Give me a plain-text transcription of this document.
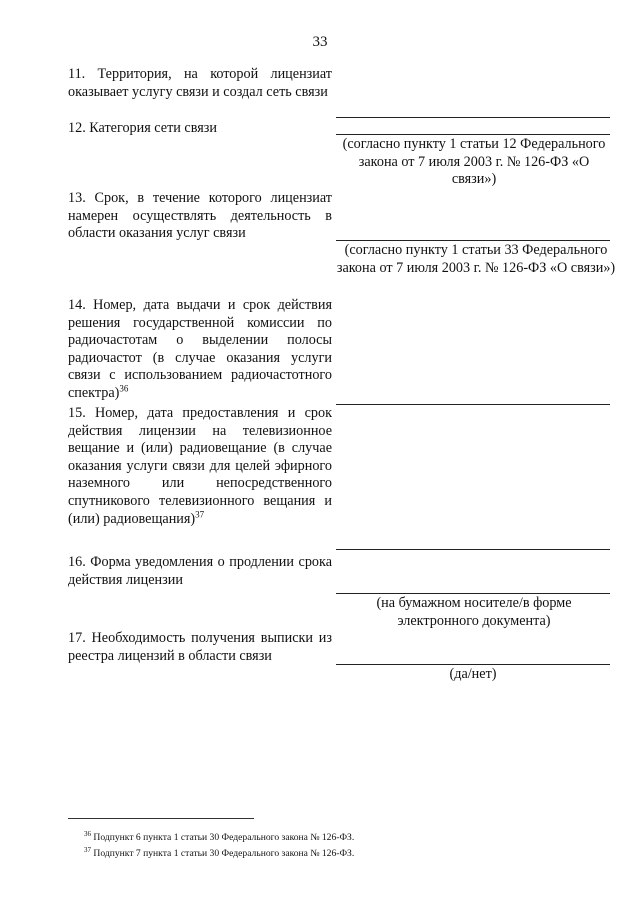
33
11. Территория, на которой лицензиат оказывает услугу связи и создал сеть связи
12. Категория сети связи
(согласно пункту 1 статьи 12 Федерального закона от 7 июля 2003 г. № 126-ФЗ «О связи»)
13. Срок, в течение которого лицензиат намерен осуществлять деятельность в области оказания услуг связи
(согласно пункту 1 статьи 33 Федерального закона от 7 июля 2003 г. № 126-ФЗ «О связи»)
14. Номер, дата выдачи и срок действия решения государственной комиссии по радиочастотам о выделении полосы радиочастот (в случае оказания услуги связи с использованием радиочастотного спектра)$^{36}$
15. Номер, дата предоставления и срок действия лицензии на телевизионное вещание и (или) радиовещание (в случае оказания услуги связи для целей эфирного наземного или непосредственного спутникового телевизионного вещания и (или) радиовещания)$^{37}$
16. Форма уведомления о продлении срока действия лицензии
(на бумажном носителе/в форме электронного документа)
17. Необходимость получения выписки из реестра лицензий в области связи
(да/нет)
$^{36}$ Подпункт 6 пункта 1 статьи 30 Федерального закона № 126-ФЗ.
$^{37}$ Подпункт 7 пункта 1 статьи 30 Федерального закона № 126-ФЗ.
